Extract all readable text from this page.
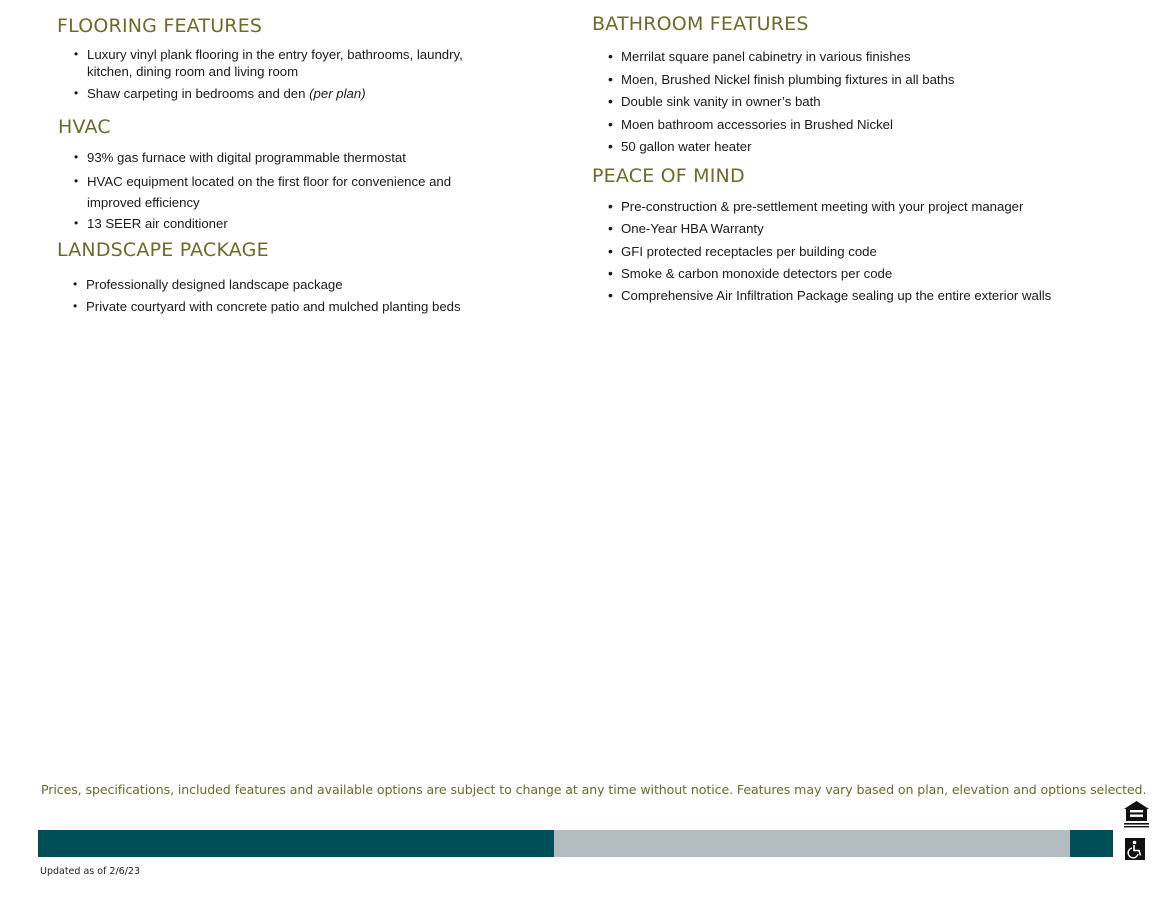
FLOORING FEATURES
• Luxury vinyl plank flooring in the entry foyer, bathrooms, laundry, kitchen, dining room and living room
• Shaw carpeting in bedrooms and den (per plan)
HVAC
• 93% gas furnace with digital programmable thermostat
• HVAC equipment located on the first floor for convenience and improved efficiency
• 13 SEER air conditioner
LANDSCAPE PACKAGE
• Professionally designed landscape package
• Private courtyard with concrete patio and mulched planting beds
BATHROOM FEATURES
• Merrilat square panel cabinetry in various finishes
• Moen, Brushed Nickel finish plumbing fixtures in all baths
• Double sink vanity in owner’s bath
• Moen bathroom accessories in Brushed Nickel
• 50 gallon water heater
PEACE OF MIND
• Pre-construction & pre-settlement meeting with your project manager
• One-Year HBA Warranty
• GFI protected receptacles per building code
• Smoke & carbon monoxide detectors per code
• Comprehensive Air Infiltration Package sealing up the entire exterior walls
Prices, specifications, included features and available options are subject to change at any time without notice. Features may vary based on plan, elevation and options selected.
Updated as of 2/6/23
